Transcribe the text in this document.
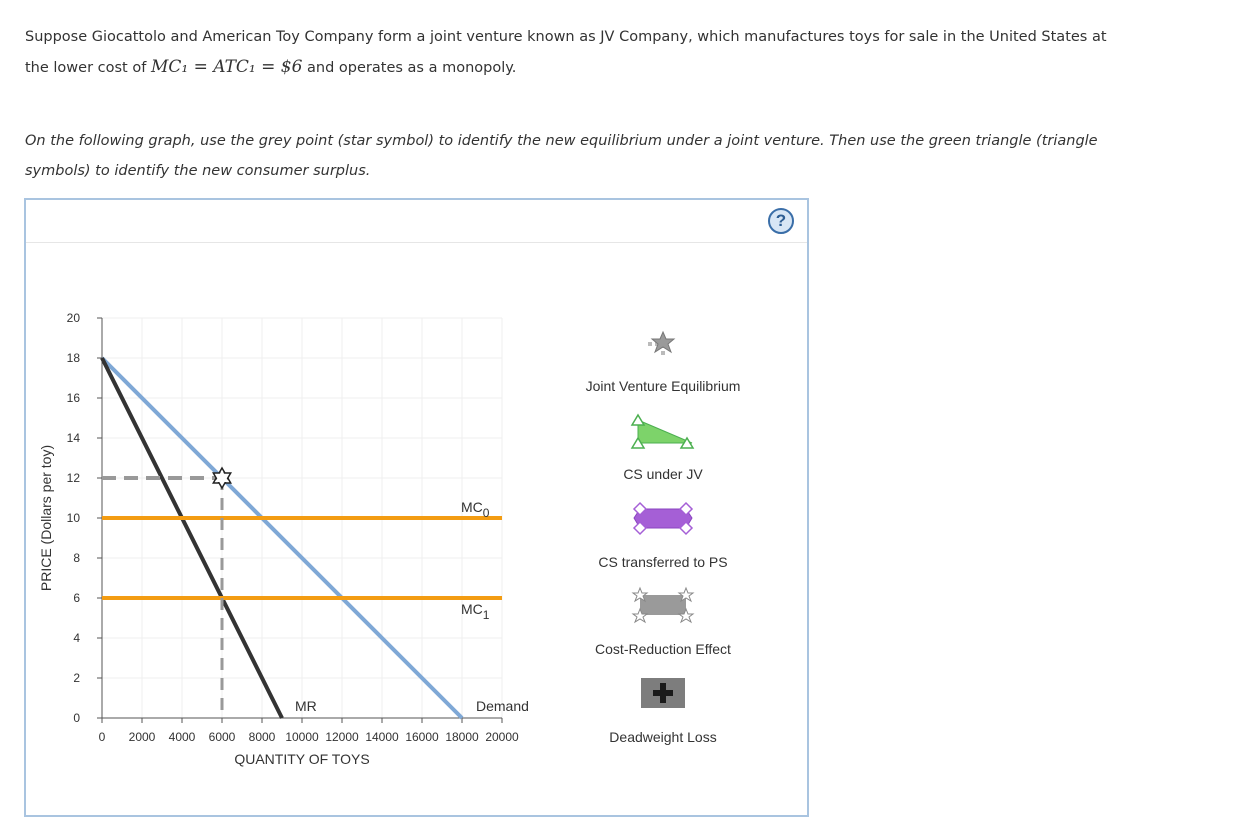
Suppose Giocattolo and American Toy Company form a joint venture known as JV Company, which manufactures toys for sale in the United States at
the lower cost of MC₁ = ATC₁ = $6 and operates as a monopoly.
On the following graph, use the grey point (star symbol) to identify the new equilibrium under a joint venture. Then use the green triangle (triangle
symbols) to identify the new consumer surplus.
?
0 2000 4000 6000 8000 10000 12000 14000 16000 18000 20000
0
2
4
6
8
10
12
14
16
18
20
QUANTITY OF TOYS
PRICE (Dollars per toy)
Demand
MR
MC0
MC1
Joint Venture Equilibrium
CS under JV
CS transferred to PS
Cost-Reduction Effect
Deadweight Loss
